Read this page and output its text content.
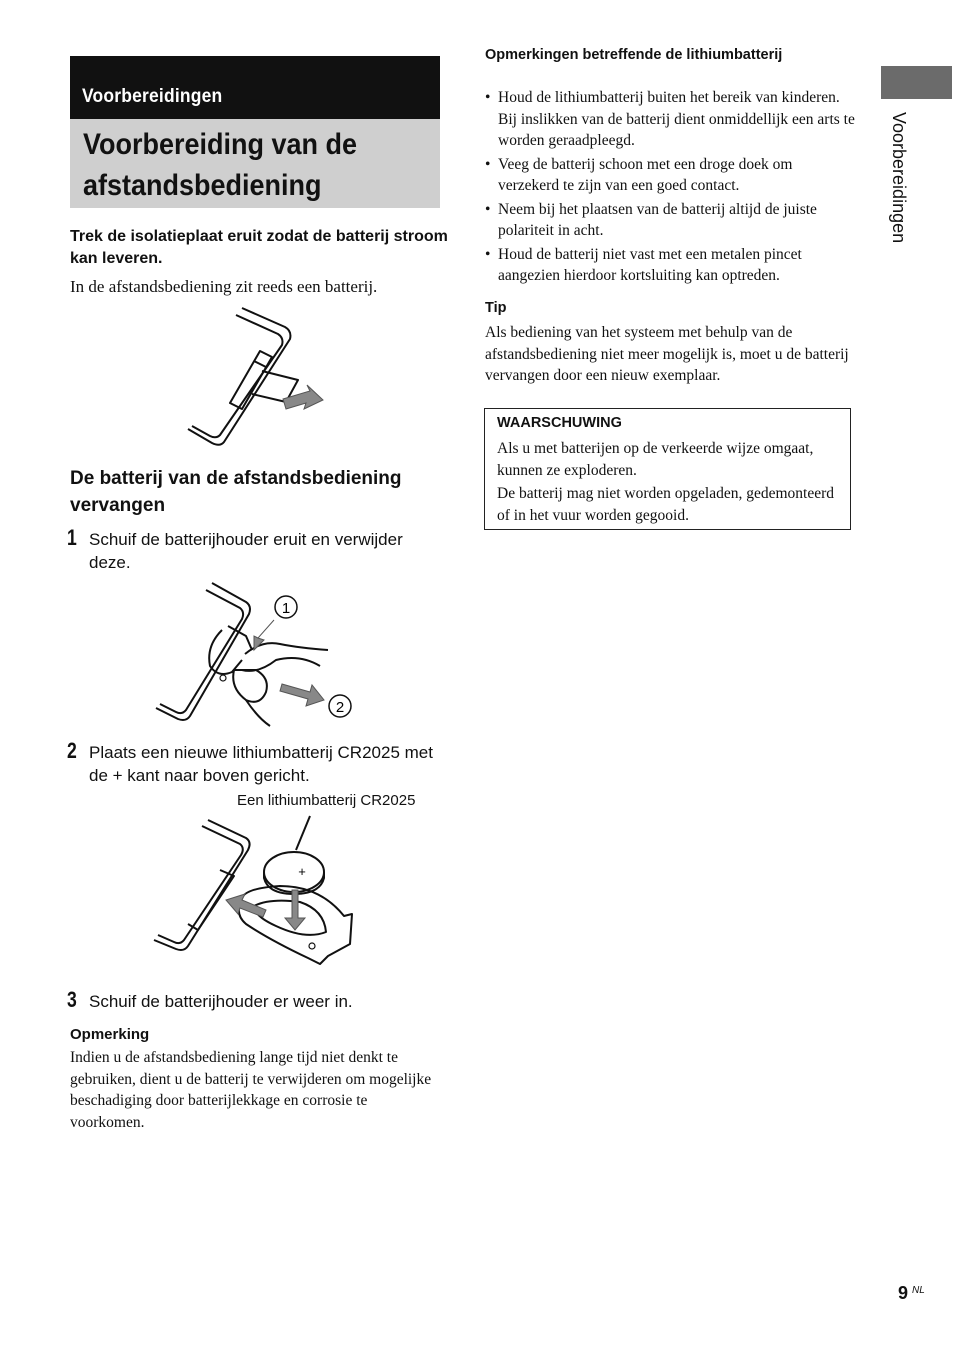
Voorbereidingen
Voorbereiding van de
afstandsbediening
Trek de isolatieplaat eruit zodat de batterij stroom kan leveren.
In de afstandsbediening zit reeds een batterij.
De batterij van de afstandsbediening vervangen
1 Schuif de batterijhouder eruit en verwijder deze.
1
2
2 Plaats een nieuwe lithiumbatterij CR2025 met de + kant naar boven gericht.
Een lithiumbatterij CR2025
+
3 Schuif de batterijhouder er weer in.
Opmerking
Indien u de afstandsbediening lange tijd niet denkt te gebruiken, dient u de batterij te verwijderen om mogelijke beschadiging door batterijlekkage en corrosie te voorkomen.
Opmerkingen betreffende de lithiumbatterij
• Houd de lithiumbatterij buiten het bereik van kinderen. Bij inslikken van de batterij dient onmiddellijk een arts te worden geraadpleegd.
• Veeg de batterij schoon met een droge doek om verzekerd te zijn van een goed contact.
• Neem bij het plaatsen van de batterij altijd de juiste polariteit in acht.
• Houd de batterij niet vast met een metalen pincet aangezien hierdoor kortsluiting kan optreden.
Tip
Als bediening van het systeem met behulp van de afstandsbediening niet meer mogelijk is, moet u de batterij vervangen door een nieuw exemplaar.
WAARSCHUWING
Als u met batterijen op de verkeerde wijze omgaat, kunnen ze exploderen.
De batterij mag niet worden opgeladen, gedemonteerd of in het vuur worden gegooid.
Voorbereidingen
9 NL
